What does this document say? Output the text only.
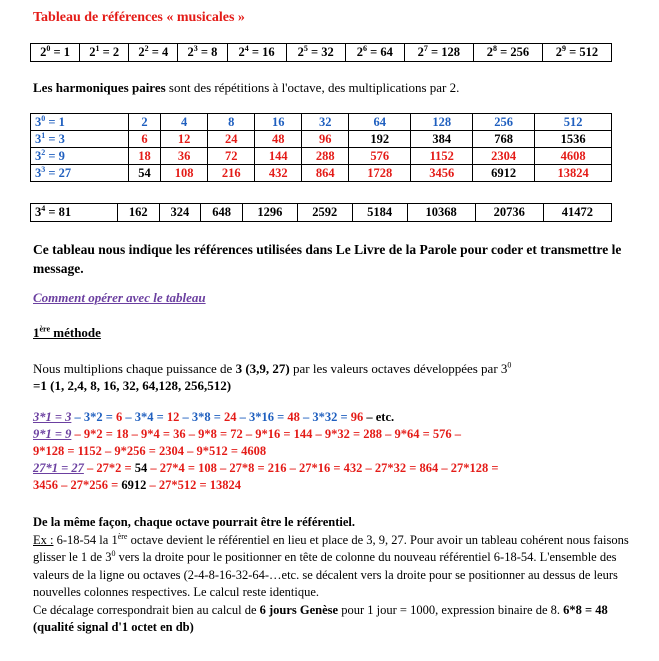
Tableau de références « musicales »
$2^0 = 1$	$2^1 = 2$	$2^2 = 4$	$2^3 = 8$	$2^4 = 16$	$2^5 = 32$	$2^6 = 64$	$2^7 = 128$	$2^8 = 256$	$2^9 = 512$
Les harmoniques paires sont des répétitions à l'octave, des multiplications par 2.
$3^0 = 1$	2	4	8	16	32	64	128	256	512
$3^1 = 3$	6	12	24	48	96	192	384	768	1536
$3^2 = 9$	18	36	72	144	288	576	1152	2304	4608
$3^3 = 27$	54	108	216	432	864	1728	3456	6912	13824
$3^4 = 81$	162	324	648	1296	2592	5184	10368	20736	41472
Ce tableau nous indique les références utilisées dans Le Livre de la Parole pour coder et transmettre le message.
Comment opérer avec le tableau
1ère méthode
Nous multiplions chaque puissance de 3 (3,9, 27) par les valeurs octaves développées par $3^0$
=1 (1, 2,4, 8, 16, 32, 64,128, 256,512)
3*1 = 3 – 3*2 = 6 – 3*4 = 12 – 3*8 = 24 – 3*16 = 48 – 3*32 = 96 – etc.
9*1 = 9 – 9*2 = 18 – 9*4 = 36 – 9*8 = 72 – 9*16 = 144 – 9*32 = 288 – 9*64 = 576 –
9*128 = 1152 – 9*256 = 2304 – 9*512 = 4608
27*1 = 27 – 27*2 = 54 – 27*4 = 108 – 27*8 = 216 – 27*16 = 432 – 27*32 = 864 – 27*128 =
3456 – 27*256 = 6912 – 27*512 = 13824
De la même façon, chaque octave pourrait être le référentiel.
Ex : 6-18-54 la 1ère octave devient le référentiel en lieu et place de 3, 9, 27. Pour avoir un tableau cohérent nous faisons glisser le 1 de $3^0$ vers la droite pour le positionner en tête de colonne du nouveau référentiel 6-18-54. L'ensemble des valeurs de la ligne ou octaves (2-4-8-16-32-64-…etc. se décalent vers la droite pour se positionner au dessus de leurs nouvelles colonnes respectives. Le calcul reste identique.
Ce décalage correspondrait bien au calcul de 6 jours Genèse pour 1 jour = 1000, expression binaire de 8. 6*8 = 48 (qualité signal d'1 octet en db)
